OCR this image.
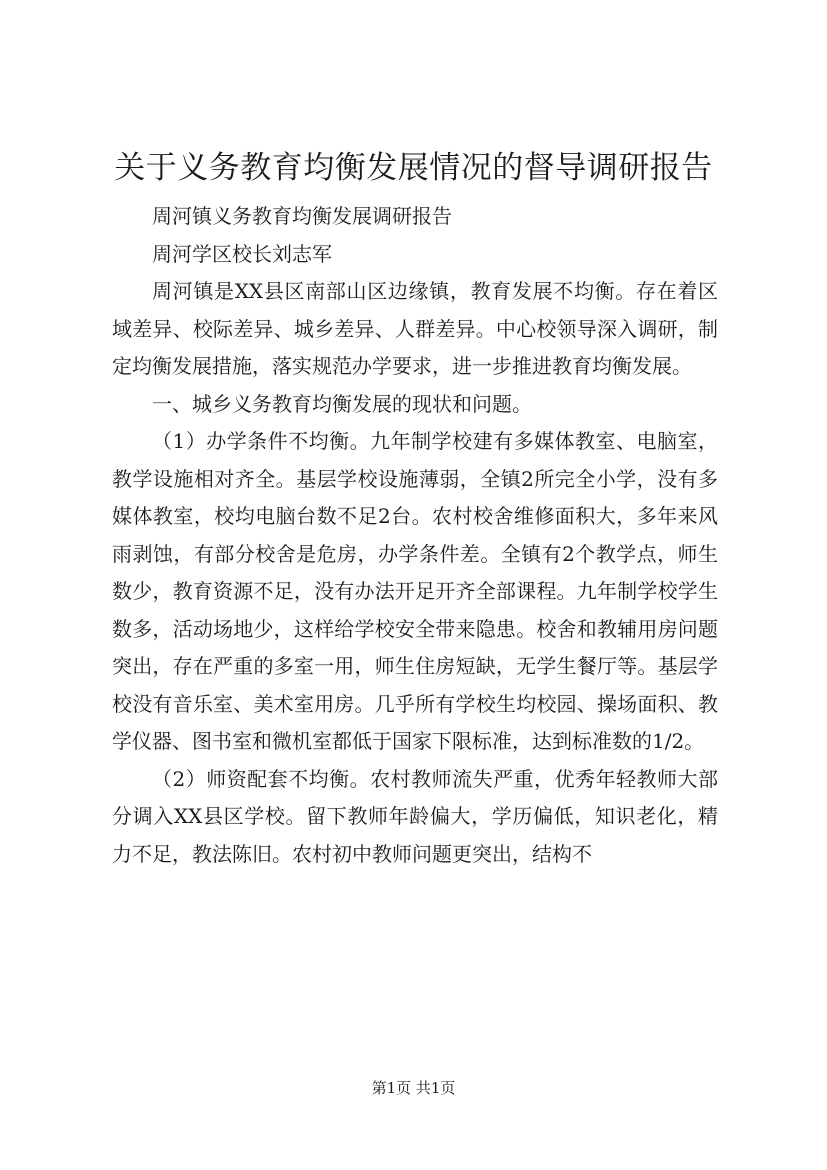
关于义务教育均衡发展情况的督导调研报告

周河镇义务教育均衡发展调研报告

周河学区校长刘志军

周河镇是XX县区南部山区边缘镇，教育发展不均衡。存在着区域差异、校际差异、城乡差异、人群差异。中心校领导深入调研，制定均衡发展措施，落实规范办学要求，进一步推进教育均衡发展。

一、城乡义务教育均衡发展的现状和问题。

（1）办学条件不均衡。九年制学校建有多媒体教室、电脑室，教学设施相对齐全。基层学校设施薄弱，全镇2所完全小学，没有多媒体教室，校均电脑台数不足2台。农村校舍维修面积大，多年来风雨剥蚀，有部分校舍是危房，办学条件差。全镇有2个教学点，师生数少，教育资源不足，没有办法开足开齐全部课程。九年制学校学生数多，活动场地少，这样给学校安全带来隐患。校舍和教辅用房问题突出，存在严重的多室一用，师生住房短缺，无学生餐厅等。基层学校没有音乐室、美术室用房。几乎所有学校生均校园、操场面积、教学仪器、图书室和微机室都低于国家下限标准，达到标准数的1/2。

（2）师资配套不均衡。农村教师流失严重，优秀年轻教师大部分调入XX县区学校。留下教师年龄偏大，学历偏低，知识老化，精力不足，教法陈旧。农村初中教师问题更突出，结构不

第1页 共1页
